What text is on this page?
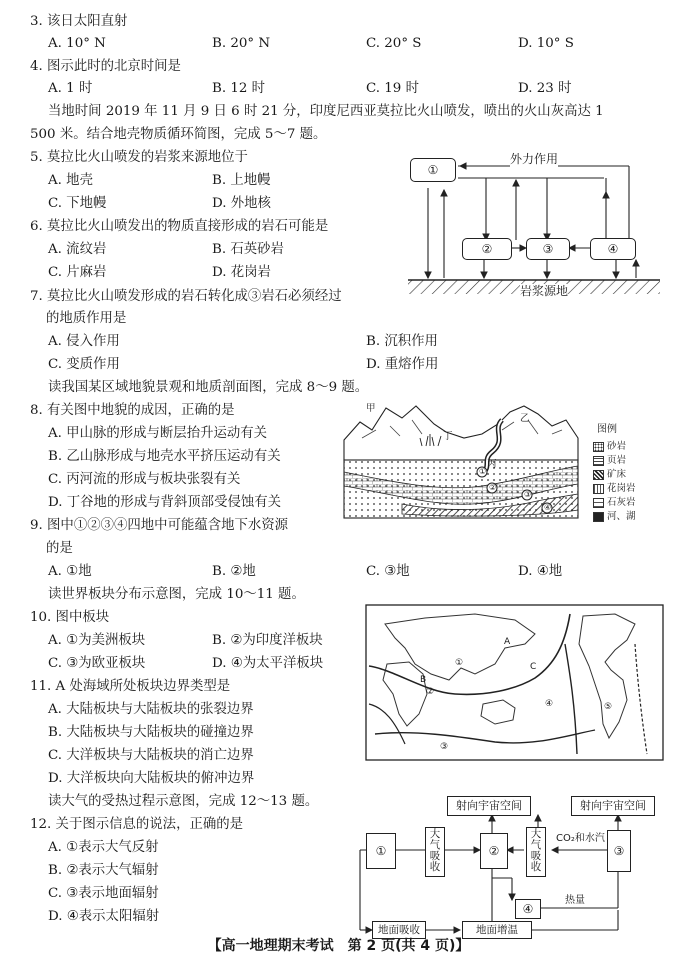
3. 该日太阳直射
A. 10° N	B. 20° N	C. 20° S	D. 10° S
4. 图示此时的北京时间是
A. 1 时	B. 12 时	C. 19 时	D. 23 时
当地时间 2019 年 11 月 9 日 6 时 21 分，印度尼西亚莫拉比火山喷发，喷出的火山灰高达 1
500 米。结合地壳物质循环简图，完成 5～7 题。
5. 莫拉比火山喷发的岩浆来源地位于
A. 地壳	B. 上地幔
C. 下地幔	D. 外地核
6. 莫拉比火山喷发出的物质直接形成的岩石可能是
A. 流纹岩	B. 石英砂岩
C. 片麻岩	D. 花岗岩
7. 莫拉比火山喷发形成的岩石转化成③岩石必须经过
的地质作用是
A. 侵入作用	B. 沉积作用
C. 变质作用	D. 重熔作用
读我国某区域地貌景观和地质剖面图，完成 8～9 题。
8. 有关图中地貌的成因，正确的是
A. 甲山脉的形成与断层抬升运动有关
B. 乙山脉形成与地壳水平挤压运动有关
C. 丙河流的形成与板块张裂有关
D. 丁谷地的形成与背斜顶部受侵蚀有关
9. 图中①②③④四地中可能蕴含地下水资源
的是
A. ①地	B. ②地	C. ③地	D. ④地
读世界板块分布示意图，完成 10～11 题。
10. 图中板块
A. ①为美洲板块	B. ②为印度洋板块
C. ③为欧亚板块	D. ④为太平洋板块
11. A 处海域所处板块边界类型是
A. 大陆板块与大陆板块的张裂边界
B. 大陆板块与大陆板块的碰撞边界
C. 大洋板块与大陆板块的消亡边界
D. 大洋板块向大陆板块的俯冲边界
读大气的受热过程示意图，完成 12～13 题。
12. 关于图示信息的说法，正确的是
A. ①表示大气反射
B. ②表示大气辐射
C. ③表示地面辐射
D. ④表示太阳辐射
①
②	③	④
外力作用
岩浆源地
甲
乙
丙
丁
①
②
③
④
图例
砂岩
页岩
矿床
花岗岩
石灰岩
河、湖
①
②
③
④	⑤
A
B
C
射向宇宙空间	射向宇宙空间
①
大气吸收
②
大气吸收
CO₂和水汽
③
④
热量
地面吸收	地面增温
【高一地理期末考试　第 2 页(共 4 页)】
